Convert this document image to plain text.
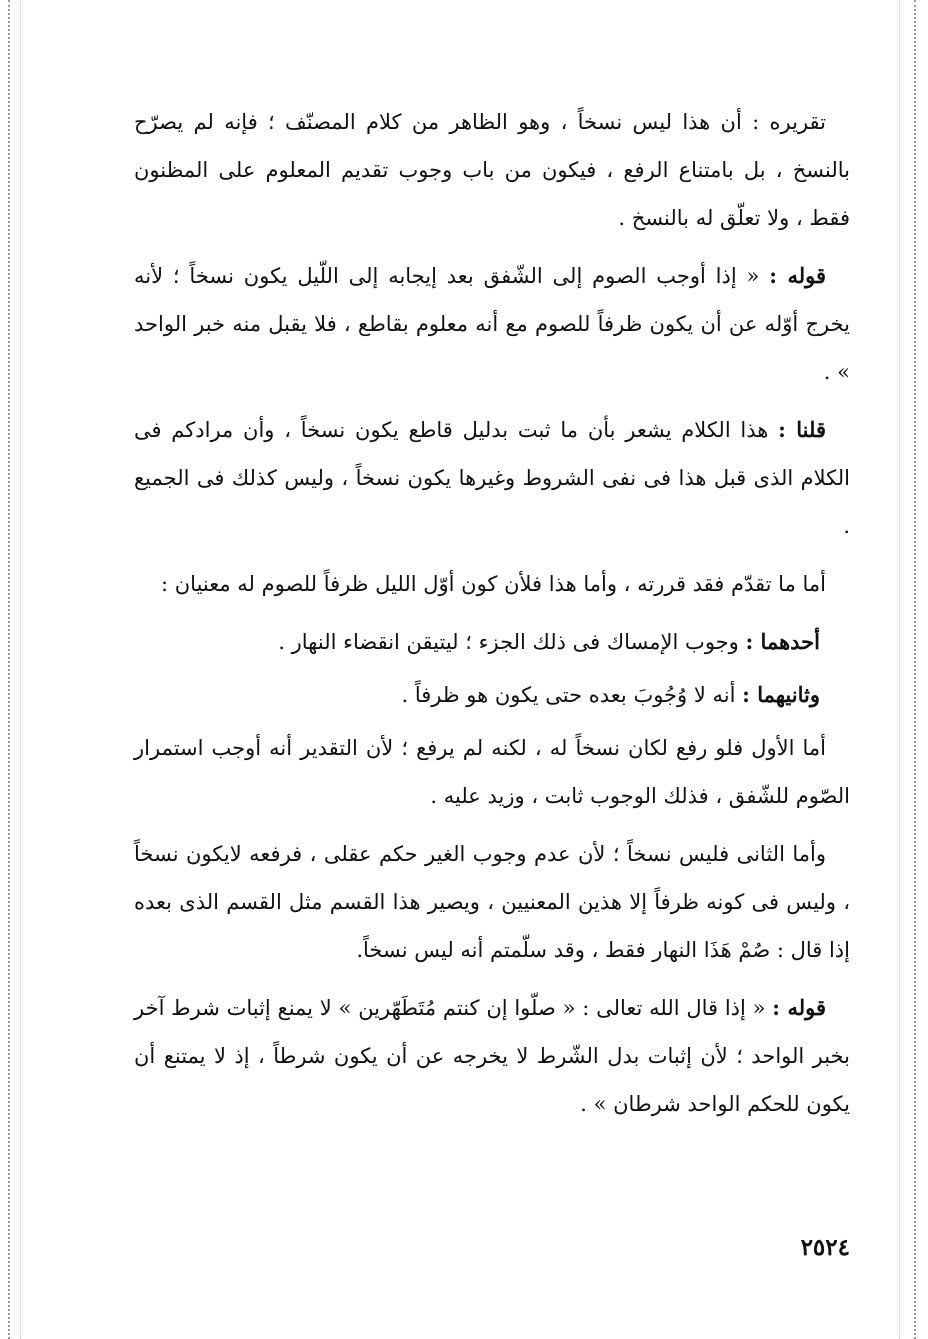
تقريره : أن هذا ليس نسخاً ، وهو الظاهر من كلام المصنّف ؛ فإنه لم يصرّح بالنسخ ، بل بامتناع الرفع ، فيكون من باب وجوب تقديم المعلوم على المظنون فقط ، ولا تعلّق له بالنسخ .

قوله : « إذا أوجب الصوم إلى الشّفق بعد إيجابه إلى اللّيل يكون نسخاً ؛ لأنه يخرج أوّله عن أن يكون ظرفاً للصوم مع أنه معلوم بقاطع ، فلا يقبل منه خبر الواحد » .

قلنا : هذا الكلام يشعر بأن ما ثبت بدليل قاطع يكون نسخاً ، وأن مرادكم فى الكلام الذى قبل هذا فى نفى الشروط وغيرها يكون نسخاً ، وليس كذلك فى الجميع .

أما ما تقدّم فقد قررته ، وأما هذا فلأن كون أوّل الليل ظرفاً للصوم له معنيان :

أحدهما : وجوب الإمساك فى ذلك الجزء ؛ ليتيقن انقضاء النهار .

وثانيهما : أنه لا وُجُوبَ بعده حتى يكون هو ظرفاً .

أما الأول فلو رفع لكان نسخاً له ، لكنه لم يرفع ؛ لأن التقدير أنه أوجب استمرار الصّوم للشّفق ، فذلك الوجوب ثابت ، وزيد عليه .

وأما الثانى فليس نسخاً ؛ لأن عدم وجوب الغير حكم عقلى ، فرفعه لايكون نسخاً ، وليس فى كونه ظرفاً إلا هذين المعنيين ، ويصير هذا القسم مثل القسم الذى بعده إذا قال : صُمْ هَذَا النهار فقط ، وقد سلّمتم أنه ليس نسخاً.

قوله : « إذا قال الله تعالى : « صلّوا إن كنتم مُتَطَهّرين » لا يمنع إثبات شرط آخر بخبر الواحد ؛ لأن إثبات بدل الشّرط لا يخرجه عن أن يكون شرطاً ، إذ لا يمتنع أن يكون للحكم الواحد شرطان » .

٢٥٢٤
